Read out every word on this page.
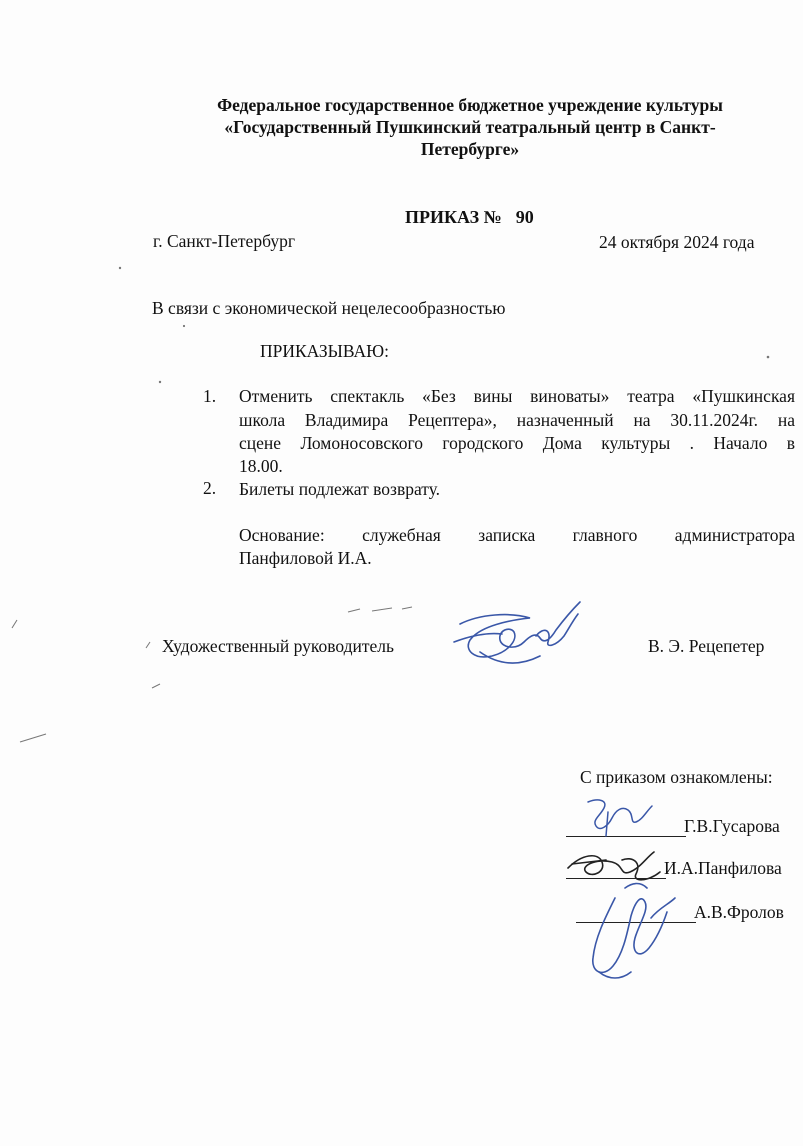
Федеральное государственное бюджетное учреждение культуры
«Государственный Пушкинский театральный центр в Санкт-
Петербурге»
ПРИКАЗ № 90
г. Санкт-Петербург	24 октября 2024 года
В связи с экономической нецелесообразностью
ПРИКАЗЫВАЮ:
1. Отменить спектакль «Без вины виноваты» театра «Пушкинская
школа Владимира Рецептера», назначенный на 30.11.2024г. на
сцене Ломоносовского городского Дома культуры . Начало в
18.00.
2. Билеты подлежат возврату.
Основание: служебная записка главного администратора
Панфиловой И.А.
Художественный руководитель	В. Э. Рецепетер
С приказом ознакомлены:
Г.В.Гусарова
И.А.Панфилова
А.В.Фролов
